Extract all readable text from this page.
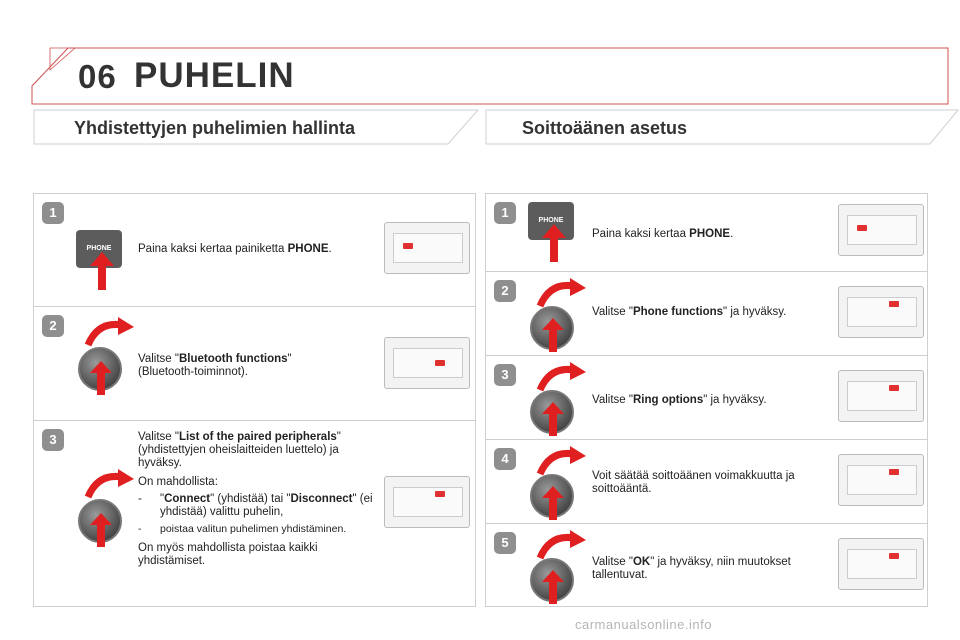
06 PUHELIN
Yhdistettyjen puhelimien hallinta	Soittoäänen asetus
1
PHONE	Paina kaksi kertaa painiketta PHONE.
2
Valitse "Bluetooth functions" (Bluetooth-toiminnot).
3	Valitse "List of the paired peripherals" (yhdistettyjen oheislaitteiden luettelo) ja hyväksy.
On mahdollista:
-	"Connect" (yhdistää) tai "Disconnect" (ei yhdistää) valittu puhelin,
-	poistaa valitun puhelimen yhdistäminen.
On myös mahdollista poistaa kaikki yhdistämiset.
1
PHONE
Paina kaksi kertaa PHONE.
2
Valitse "Phone functions" ja hyväksy.
3
Valitse "Ring options" ja hyväksy.
4
Voit säätää soittoäänen voimakkuutta ja soittoääntä.
5
Valitse "OK" ja hyväksy, niin muutokset tallentuvat.
carmanualsonline.info
